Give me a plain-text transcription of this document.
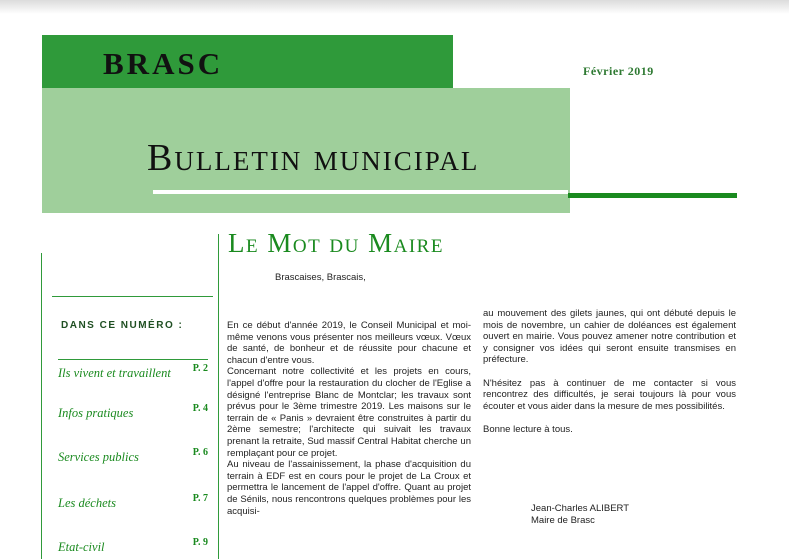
BRASC	Février 2019
Bulletin municipal
DANS CE NUMÉRO :
Ils vivent et travaillent P. 2
Infos pratiques	P. 4
Services publics	P. 6
Les déchets	P. 7
Etat-civil	P. 9
Le Mot du Maire
Brascaises, Brascais,

En ce début d'année 2019, le Conseil Municipal et moi-même venons vous présenter nos meilleurs vœux. Vœux de santé, de bonheur et de réussite pour chacune et chacun d'entre vous.

Concernant notre collectivité et les projets en cours, l'appel d'offre pour la restauration du clocher de l'Eglise a désigné l'entreprise Blanc de Montclar; les travaux sont prévus pour le 3ème trimestre 2019. Les maisons sur le terrain de « Panis » devraient être construites à partir du 2ème semestre; l'architecte qui suivait les travaux prenant la retraite, Sud massif Central Habitat cherche un remplaçant pour ce projet.

Au niveau de l'assainissement, la phase d'acquisition du terrain à EDF est en cours pour le projet de La Croux et permettra le lancement de l'appel d'offre. Quant au projet de Sénils, nous rencontrons quelques problèmes pour les acquisi-

au mouvement des gilets jaunes, qui ont débuté depuis le mois de novembre, un cahier de doléances est également ouvert en mairie. Vous pouvez amener notre contribution et y consigner vos idées qui seront ensuite transmises en préfecture.

N'hésitez pas à continuer de me contacter si vous rencontrez des difficultés, je serai toujours là pour vous écouter et vous aider dans la mesure de mes possibilités.

Bonne lecture à tous.

Jean-Charles ALIBERT
Maire de Brasc
